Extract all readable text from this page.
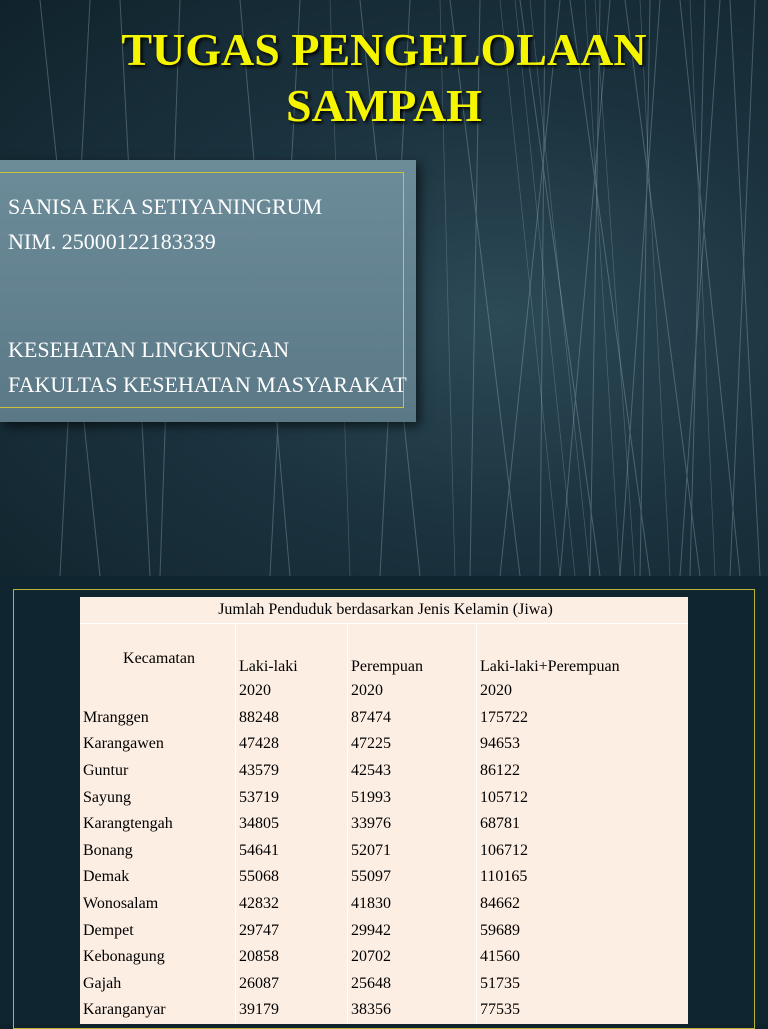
TUGAS PENGELOLAAN
SAMPAH
SANISA EKA SETIYANINGRUM
NIM. 25000122183339
KESEHATAN LINGKUNGAN
FAKULTAS KESEHATAN MASYARAKAT
Jumlah Penduduk berdasarkan Jenis Kelamin (Jiwa)			
Kecamatan	Laki-laki	Perempuan	Laki-laki+Perempuan
	2020	2020	2020
Mranggen	88248	87474	175722
Karangawen	47428	47225	94653
Guntur	43579	42543	86122
Sayung	53719	51993	105712
Karangtengah	34805	33976	68781
Bonang	54641	52071	106712
Demak	55068	55097	110165
Wonosalam	42832	41830	84662
Dempet	29747	29942	59689
Kebonagung	20858	20702	41560
Gajah	26087	25648	51735
Karanganyar	39179	38356	77535
